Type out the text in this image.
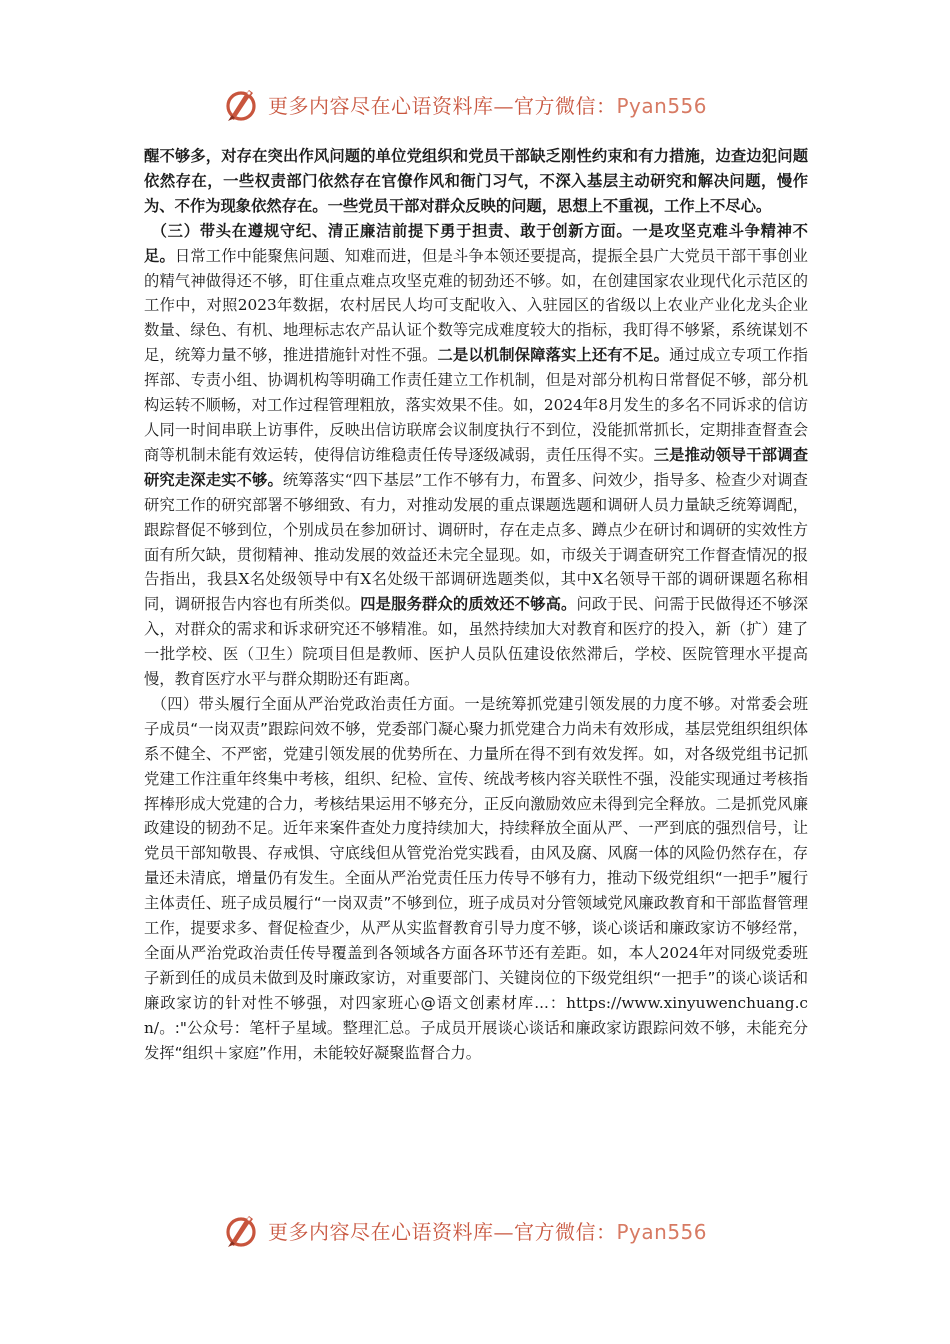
更多内容尽在心语资料库—官方微信：Pyan556

醒不够多，对存在突出作风问题的单位党组织和党员干部缺乏刚性约束和有力措施，边查边犯问题依然存在，一些权责部门依然存在官僚作风和衙门习气，不深入基层主动研究和解决问题，慢作为、不作为现象依然存在。一些党员干部对群众反映的问题，思想上不重视，工作上不尽心。

（三）带头在遵规守纪、清正廉洁前提下勇于担责、敢于创新方面。一是攻坚克难斗争精神不足。日常工作中能聚焦问题、知难而进，但是斗争本领还要提高，提振全县广大党员干部干事创业的精气神做得还不够，盯住重点难点攻坚克难的韧劲还不够。如，在创建国家农业现代化示范区的工作中，对照2023年数据，农村居民人均可支配收入、入驻园区的省级以上农业产业化龙头企业数量、绿色、有机、地理标志农产品认证个数等完成难度较大的指标，我盯得不够紧，系统谋划不足，统筹力量不够，推进措施针对性不强。二是以机制保障落实上还有不足。通过成立专项工作指挥部、专责小组、协调机构等明确工作责任建立工作机制，但是对部分机构日常督促不够，部分机构运转不顺畅，对工作过程管理粗放，落实效果不佳。如，2024年8月发生的多名不同诉求的信访人同一时间串联上访事件，反映出信访联席会议制度执行不到位，没能抓常抓长，定期排查督查会商等机制未能有效运转，使得信访维稳责任传导逐级减弱，责任压得不实。三是推动领导干部调查研究走深走实不够。统筹落实“四下基层”工作不够有力，布置多、问效少，指导多、检查少对调查研究工作的研究部署不够细致、有力，对推动发展的重点课题选题和调研人员力量缺乏统筹调配，跟踪督促不够到位，个别成员在参加研讨、调研时，存在走点多、蹲点少在研讨和调研的实效性方面有所欠缺，贯彻精神、推动发展的效益还未完全显现。如，市级关于调查研究工作督查情况的报告指出，我县X名处级领导中有X名处级干部调研选题类似，其中X名领导干部的调研课题名称相同，调研报告内容也有所类似。四是服务群众的质效还不够高。问政于民、问需于民做得还不够深入，对群众的需求和诉求研究还不够精准。如，虽然持续加大对教育和医疗的投入，新（扩）建了一批学校、医（卫生）院项目但是教师、医护人员队伍建设依然滞后，学校、医院管理水平提高慢，教育医疗水平与群众期盼还有距离。

（四）带头履行全面从严治党政治责任方面。一是统筹抓党建引领发展的力度不够。对常委会班子成员“一岗双责”跟踪问效不够，党委部门凝心聚力抓党建合力尚未有效形成，基层党组织组织体系不健全、不严密，党建引领发展的优势所在、力量所在得不到有效发挥。如，对各级党组书记抓党建工作注重年终集中考核，组织、纪检、宣传、统战考核内容关联性不强，没能实现通过考核指挥棒形成大党建的合力，考核结果运用不够充分，正反向激励效应未得到完全释放。二是抓党风廉政建设的韧劲不足。近年来案件查处力度持续加大，持续释放全面从严、一严到底的强烈信号，让党员干部知敬畏、存戒惧、守底线但从管党治党实践看，由风及腐、风腐一体的风险仍然存在，存量还未清底，增量仍有发生。全面从严治党责任压力传导不够有力，推动下级党组织“一把手”履行主体责任、班子成员履行“一岗双责”不够到位，班子成员对分管领域党风廉政教育和干部监督管理工作，提要求多、督促检查少，从严从实监督教育引导力度不够，谈心谈话和廉政家访不够经常，全面从严治党政治责任传导覆盖到各领域各方面各环节还有差距。如，本人2024年对同级党委班子新到任的成员未做到及时廉政家访，对重要部门、关键岗位的下级党组织“一把手”的谈心谈话和廉政家访的针对性不够强，对四家班心@语文创素材库...：https://www.xinyuwenchuang.cn/。:"公众号：笔杆子星域。整理汇总。子成员开展谈心谈话和廉政家访跟踪问效不够，未能充分发挥“组织＋家庭”作用，未能较好凝聚监督合力。

更多内容尽在心语资料库—官方微信：Pyan556
